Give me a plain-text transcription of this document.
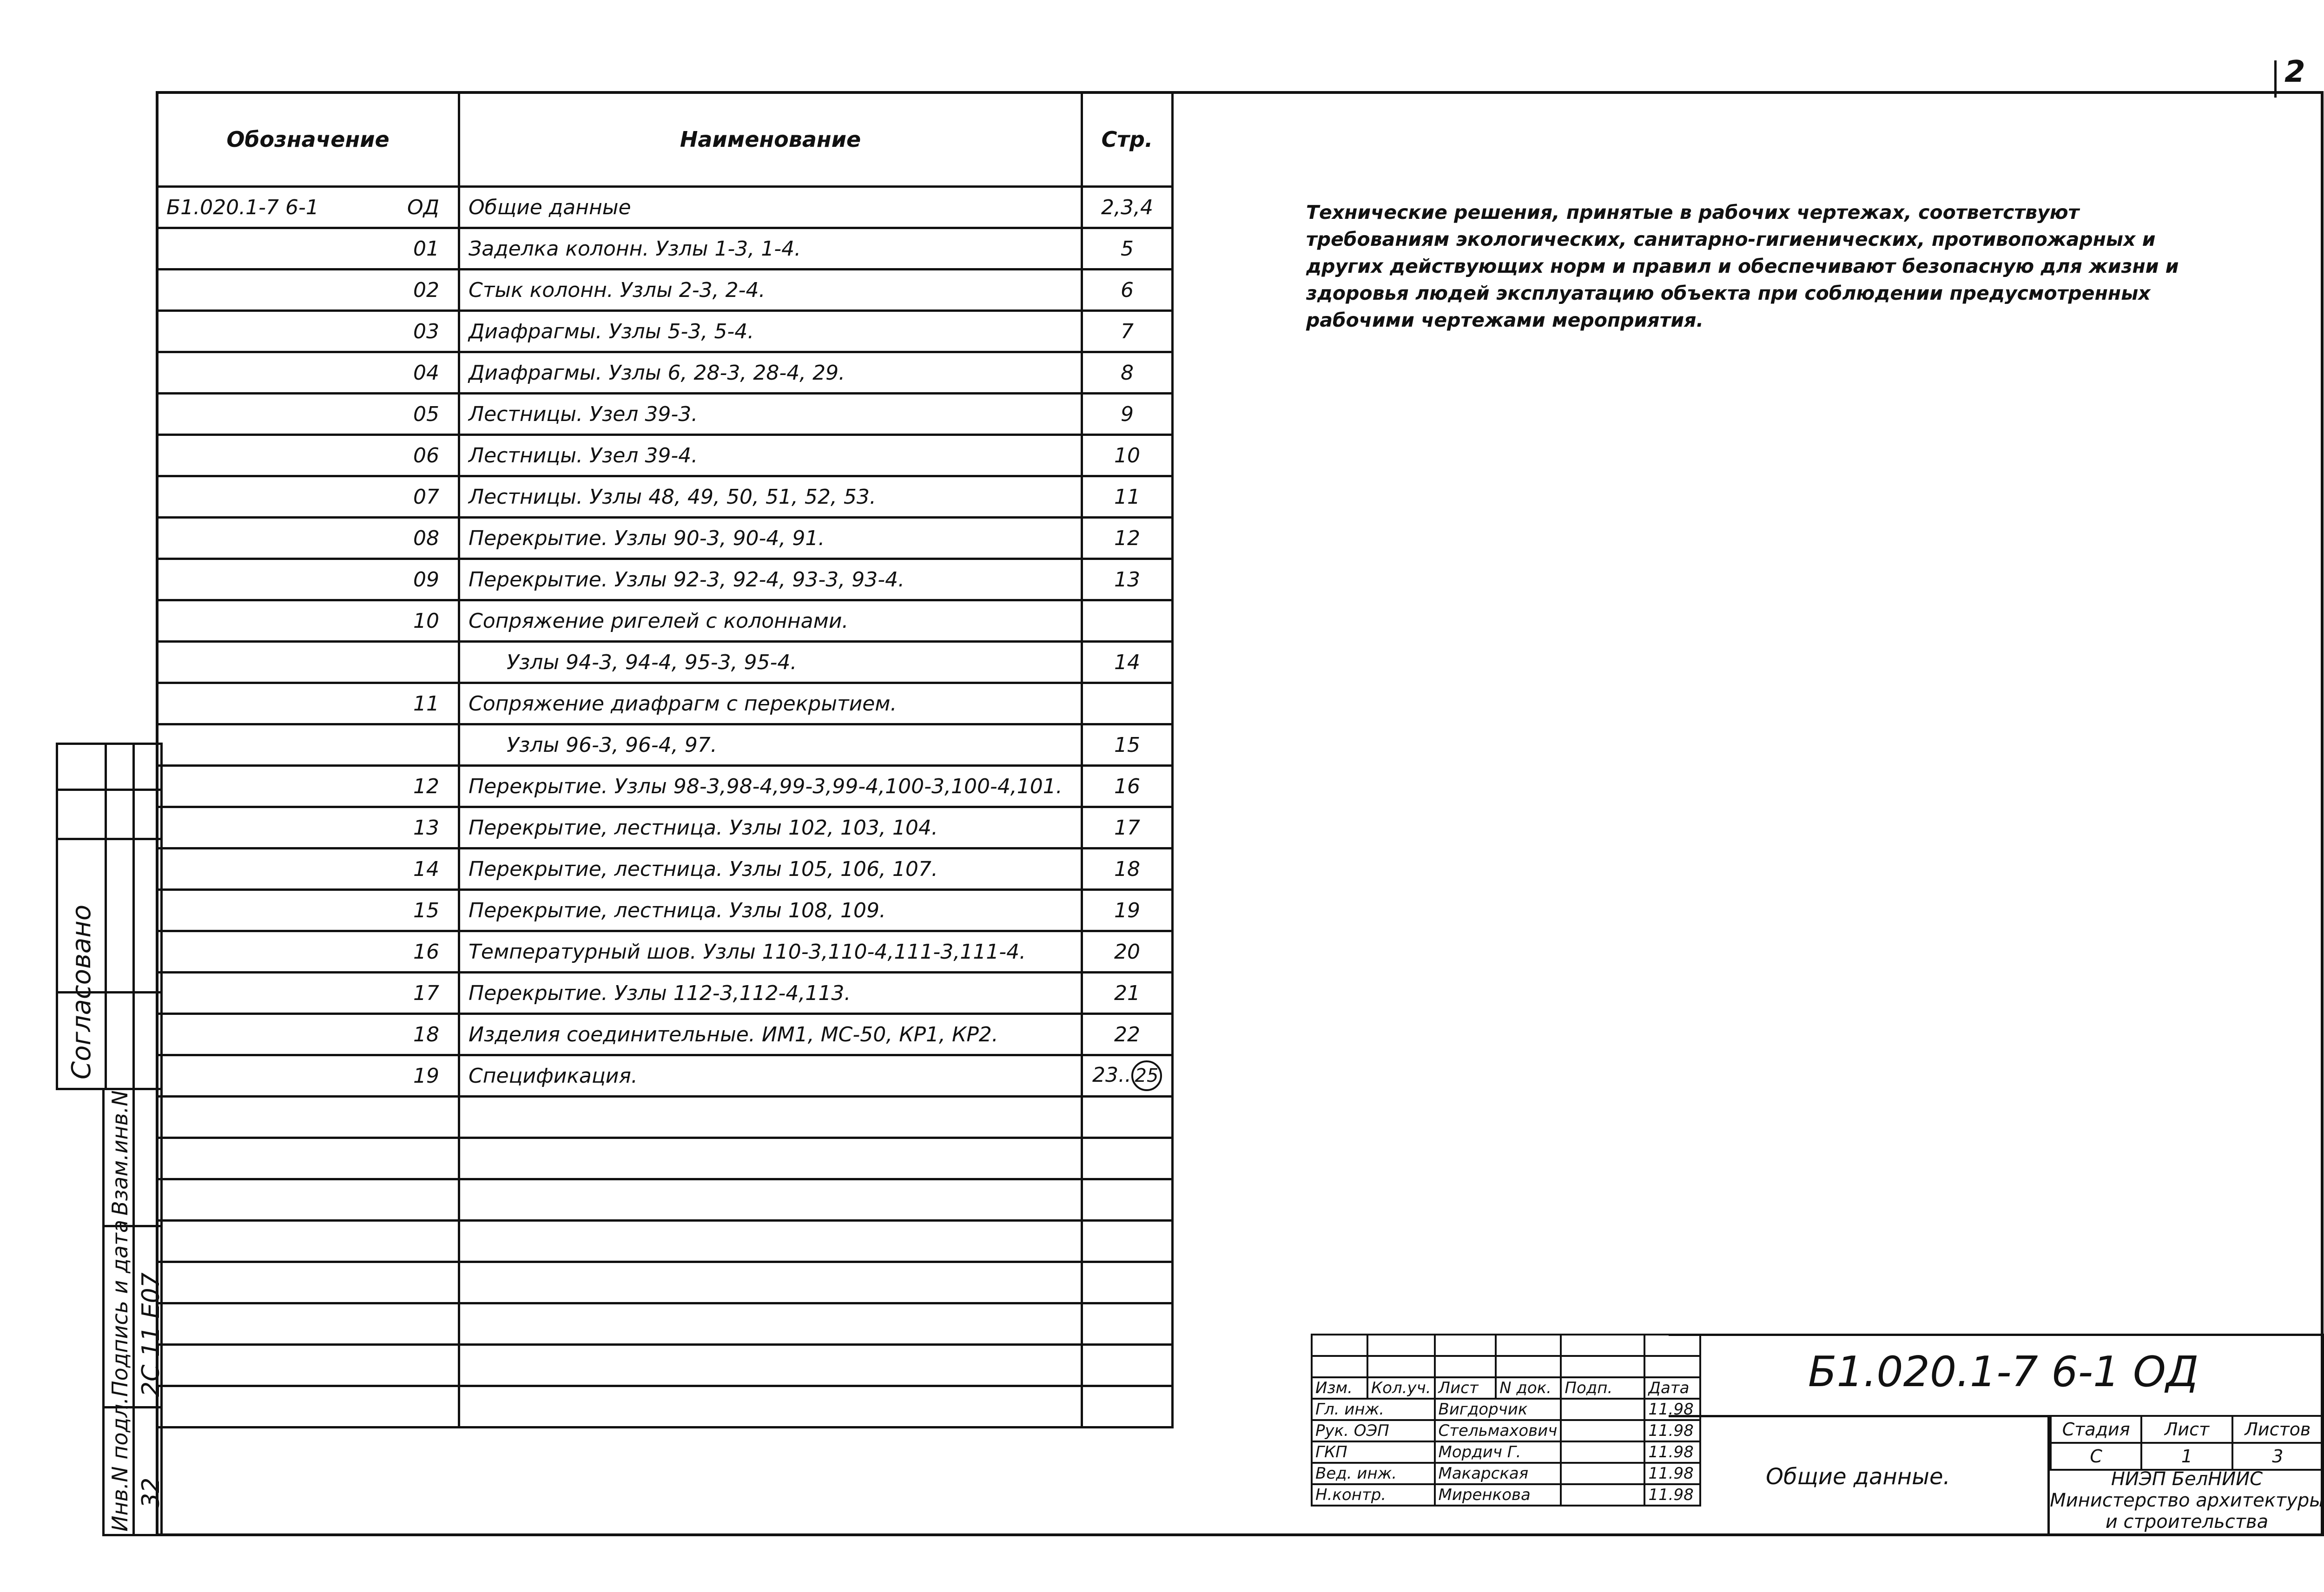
2
Согласовано
Взам.инв.N
Подпись и дата
Инв.N подл.
2С 11 Е07
32
Обозначение	Наименование	Стр.

Б1.020.1-7 6-1 ОД	Общие данные	2,3,4

01	Заделка колонн. Узлы 1-3, 1-4.	5

02	Стык колонн. Узлы 2-3, 2-4.	6

03	Диафрагмы. Узлы 5-3, 5-4.	7

04	Диафрагмы. Узлы 6, 28-3, 28-4, 29.	8

05	Лестницы. Узел 39-3.	9

06	Лестницы. Узел 39-4.	10

07	Лестницы. Узлы 48, 49, 50, 51, 52, 53.	11

08	Перекрытие. Узлы 90-3, 90-4, 91.	12

09	Перекрытие. Узлы 92-3, 92-4, 93-3, 93-4.	13

10	Сопряжение ригелей с колоннами.	

	Узлы 94-3, 94-4, 95-3, 95-4.	14

11	Сопряжение диафрагм с перекрытием.	

	Узлы 96-3, 96-4, 97.	15

12	Перекрытие. Узлы 98-3,98-4,99-3,99-4,100-3,100-4,101.	16

13	Перекрытие, лестница. Узлы 102, 103, 104.	17

14	Перекрытие, лестница. Узлы 105, 106, 107.	18

15	Перекрытие, лестница. Узлы 108, 109.	19

16	Температурный шов. Узлы 110-3,110-4,111-3,111-4.	20

17	Перекрытие. Узлы 112-3,112-4,113.	21

18	Изделия соединительные. ИМ1, МС-50, КР1, КР2.	22

19	Спецификация.	23.. 25

Технические решения, принятые в рабочих чертежах, соответствуют требованиям экологических, санитарно-гигиенических, противопожарных и других действующих норм и правил и обеспечивают безопасную для жизни и здоровья людей эксплуатацию объекта при соблюдении предусмотренных рабочими чертежами мероприятия.

Изм.	Кол.уч.	Лист	N док.	Подп.	Дата
Гл. инж.		Вигдорчик			11.98
Рук. ОЭП		Стельмахович			11.98
ГКП		Мордич Г.			11.98
Вед. инж.		Макарская			11.98
Н.контр.		Миренкова			11.98
Б1.020.1-7 6-1 ОД
Общие данные.
Стадия	Лист	Листов
С	1	3
НИЭП БелНИИС
Министерство архитектуры
и строительства
